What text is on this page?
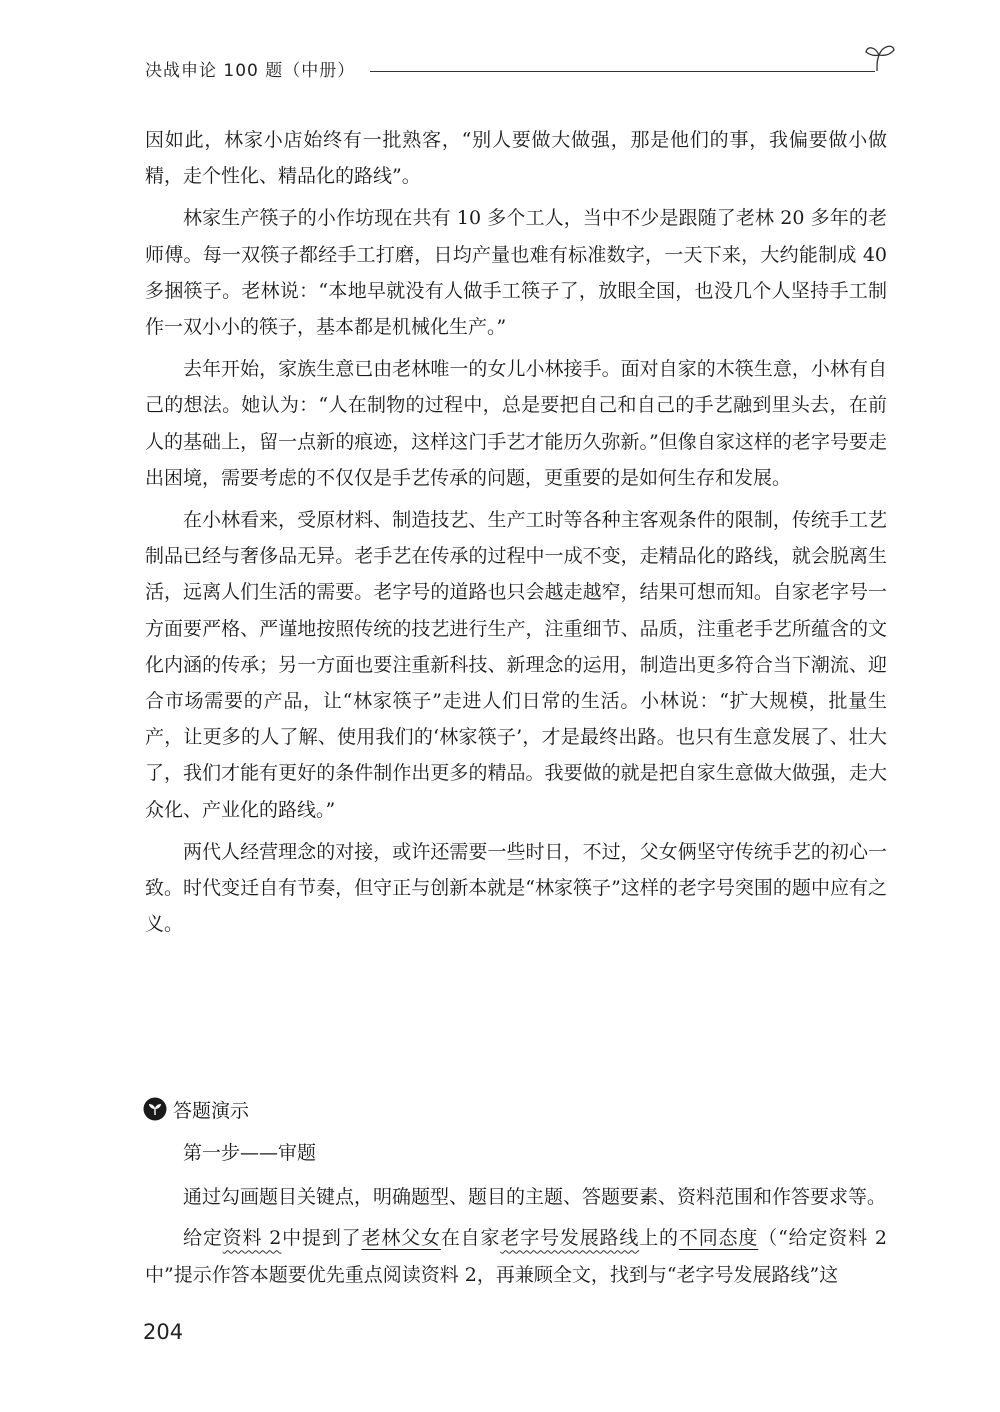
决战申论 100 题（中册）

因如此，林家小店始终有一批熟客，“别人要做大做强，那是他们的事，我偏要做小做精，走个性化、精品化的路线”。

林家生产筷子的小作坊现在共有 10 多个工人，当中不少是跟随了老林 20 多年的老师傅。每一双筷子都经手工打磨，日均产量也难有标准数字，一天下来，大约能制成 40 多捆筷子。老林说：“本地早就没有人做手工筷子了，放眼全国，也没几个人坚持手工制作一双小小的筷子，基本都是机械化生产。”

去年开始，家族生意已由老林唯一的女儿小林接手。面对自家的木筷生意，小林有自己的想法。她认为：“人在制物的过程中，总是要把自己和自己的手艺融到里头去，在前人的基础上，留一点新的痕迹，这样这门手艺才能历久弥新。”但像自家这样的老字号要走出困境，需要考虑的不仅仅是手艺传承的问题，更重要的是如何生存和发展。

在小林看来，受原材料、制造技艺、生产工时等各种主客观条件的限制，传统手工艺制品已经与奢侈品无异。老手艺在传承的过程中一成不变，走精品化的路线，就会脱离生活，远离人们生活的需要。老字号的道路也只会越走越窄，结果可想而知。自家老字号一方面要严格、严谨地按照传统的技艺进行生产，注重细节、品质，注重老手艺所蕴含的文化内涵的传承；另一方面也要注重新科技、新理念的运用，制造出更多符合当下潮流、迎合市场需要的产品，让“林家筷子”走进人们日常的生活。小林说：“扩大规模，批量生产，让更多的人了解、使用我们的‘林家筷子’，才是最终出路。也只有生意发展了、壮大了，我们才能有更好的条件制作出更多的精品。我要做的就是把自家生意做大做强，走大众化、产业化的路线。”

两代人经营理念的对接，或许还需要一些时日，不过，父女俩坚守传统手艺的初心一致。时代变迁自有节奏，但守正与创新本就是“林家筷子”这样的老字号突围的题中应有之义。

答题演示
第一步——审题

通过勾画题目关键点，明确题型、题目的主题、答题要素、资料范围和作答要求等。

给定资料 2中提到了老林父女在自家老字号发展路线上的不同态度（“给定资料 2 中”提示作答本题要优先重点阅读资料 2，再兼顾全文，找到与“老字号发展路线”这

204
